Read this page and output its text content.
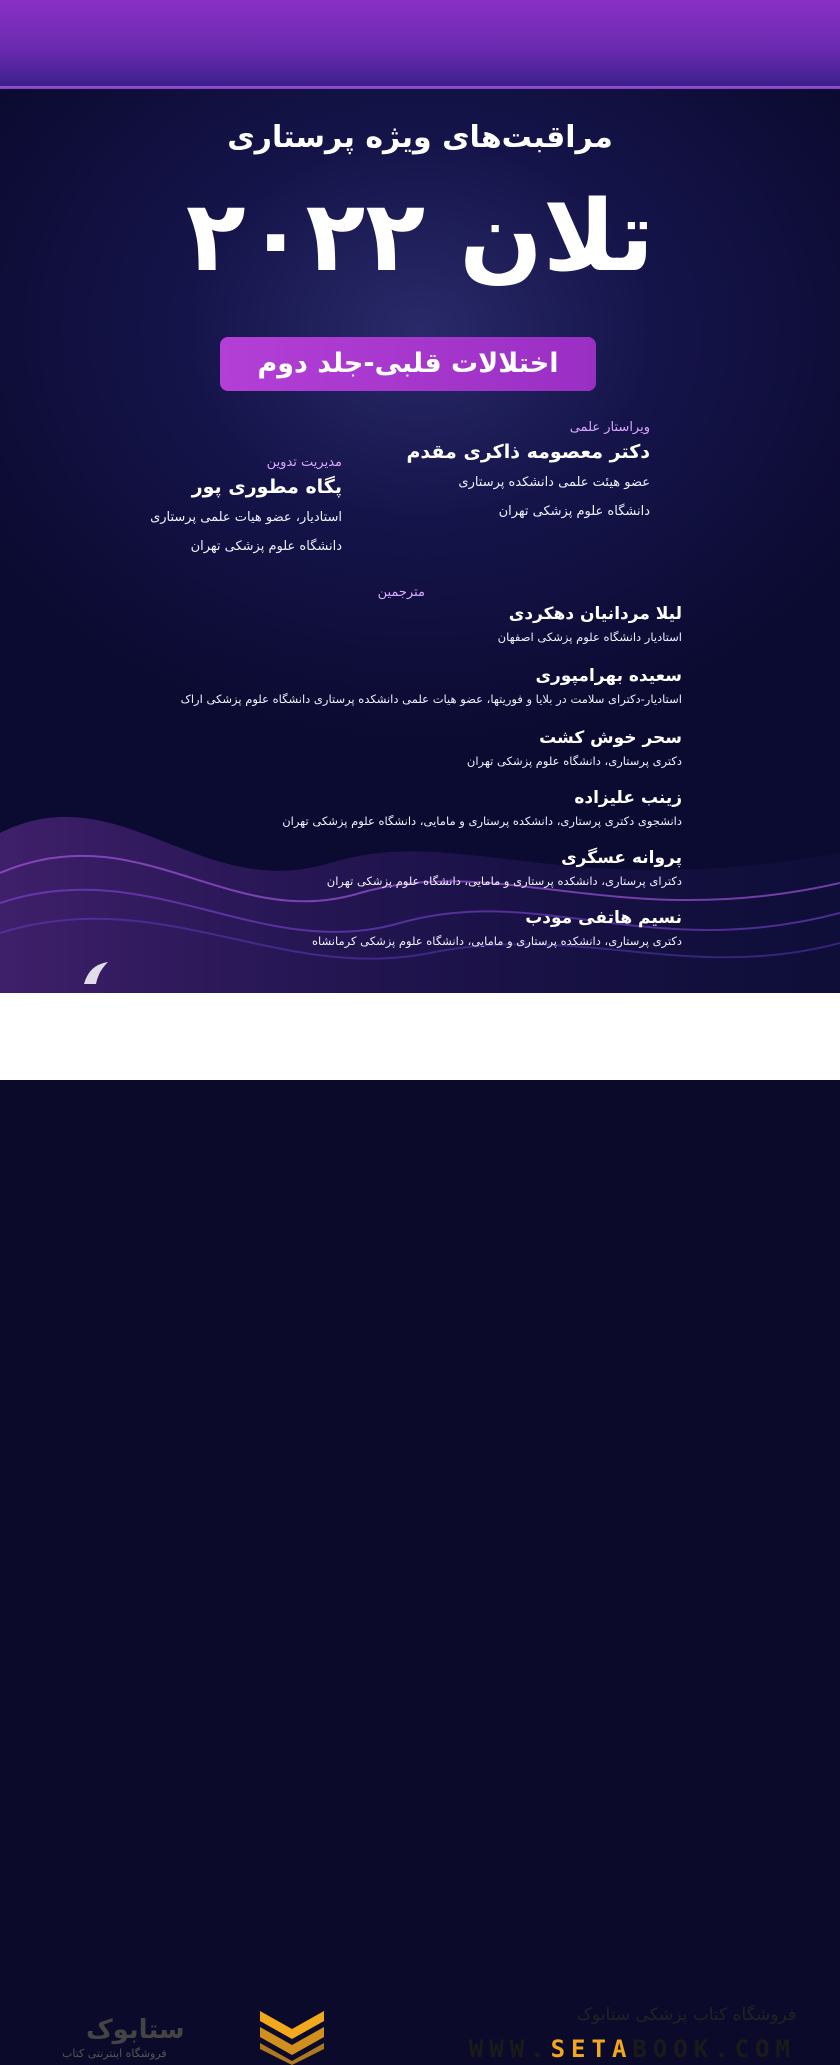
مراقبت‌های ویژه پرستاری
تلان ۲۰۲۲
اختلالات قلبی-جلد دوم
ویراستار علمی
دکتر معصومه ذاکری مقدم
عضو هیئت علمی دانشکده پرستاری
دانشگاه علوم پزشکی تهران
مدیریت تدوین
پگاه مطوری پور
استادیار، عضو هیات علمی پرستاری
دانشگاه علوم پزشکی تهران
مترجمین
لیلا مردانیان دهکردی
استادیار دانشگاه علوم پزشکی اصفهان
سعیده بهرامپوری
استادیار-دکترای سلامت در بلایا و فوریتها، عضو هیات علمی دانشکده پرستاری دانشگاه علوم پزشکی اراک
سحر خوش کشت
دکتری پرستاری، دانشگاه علوم پزشکی تهران
زینب علیزاده
دانشجوی دکتری پرستاری، دانشکده پرستاری و مامایی، دانشگاه علوم پزشکی تهران
پروانه عسگری
دکترای پرستاری، دانشکده پرستاری و مامایی، دانشگاه علوم پزشکی تهران
نسیم هاتفی مودب
دکتری پرستاری، دانشکده پرستاری و مامایی، دانشگاه علوم پزشکی کرمانشاه
فروشگاه کتاب پزشکی ستابوک
WWW.SETABOOK.COM
ستابوک
فروشگاه اینترنتی کتاب
